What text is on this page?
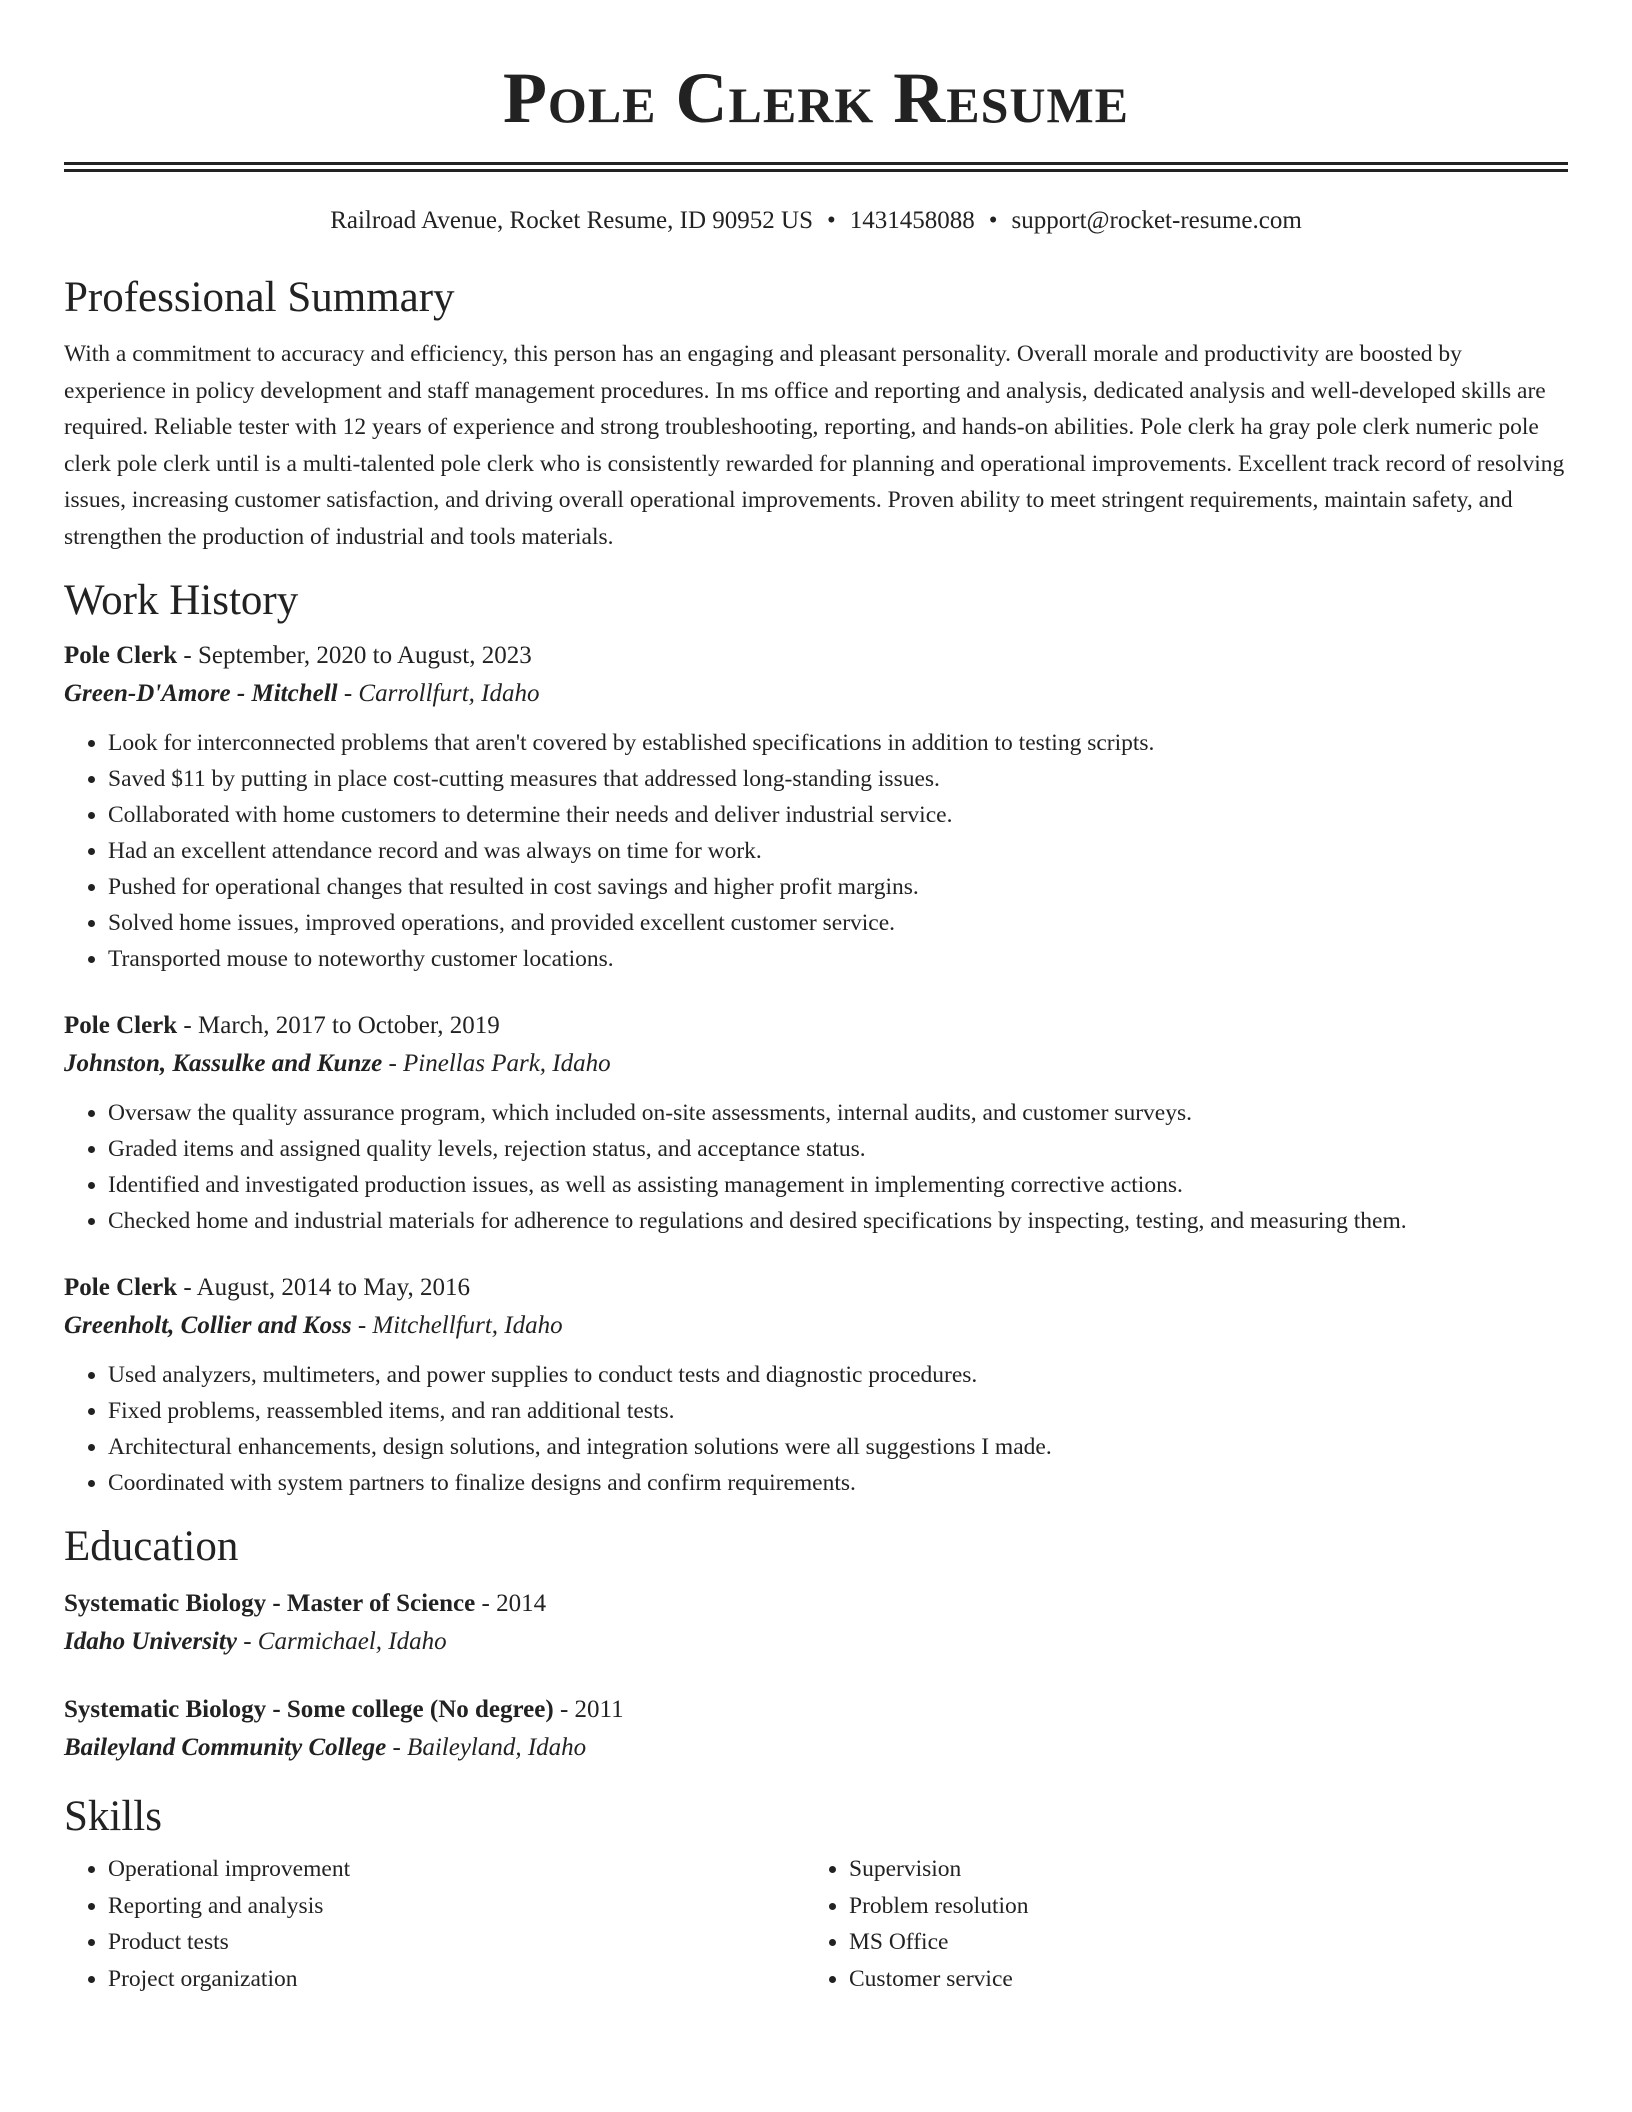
Pole Clerk Resume
Railroad Avenue, Rocket Resume, ID 90952 US • 1431458088 • support@rocket-resume.com
Professional Summary
With a commitment to accuracy and efficiency, this person has an engaging and pleasant personality. Overall morale and productivity are boosted by experience in policy development and staff management procedures. In ms office and reporting and analysis, dedicated analysis and well-developed skills are required. Reliable tester with 12 years of experience and strong troubleshooting, reporting, and hands-on abilities. Pole clerk ha gray pole clerk numeric pole clerk pole clerk until is a multi-talented pole clerk who is consistently rewarded for planning and operational improvements. Excellent track record of resolving issues, increasing customer satisfaction, and driving overall operational improvements. Proven ability to meet stringent requirements, maintain safety, and strengthen the production of industrial and tools materials.
Work History
Pole Clerk - September, 2020 to August, 2023
Green-D'Amore - Mitchell - Carrollfurt, Idaho
• Look for interconnected problems that aren't covered by established specifications in addition to testing scripts.
• Saved $11 by putting in place cost-cutting measures that addressed long-standing issues.
• Collaborated with home customers to determine their needs and deliver industrial service.
• Had an excellent attendance record and was always on time for work.
• Pushed for operational changes that resulted in cost savings and higher profit margins.
• Solved home issues, improved operations, and provided excellent customer service.
• Transported mouse to noteworthy customer locations.
Pole Clerk - March, 2017 to October, 2019
Johnston, Kassulke and Kunze - Pinellas Park, Idaho
• Oversaw the quality assurance program, which included on-site assessments, internal audits, and customer surveys.
• Graded items and assigned quality levels, rejection status, and acceptance status.
• Identified and investigated production issues, as well as assisting management in implementing corrective actions.
• Checked home and industrial materials for adherence to regulations and desired specifications by inspecting, testing, and measuring them.
Pole Clerk - August, 2014 to May, 2016
Greenholt, Collier and Koss - Mitchellfurt, Idaho
• Used analyzers, multimeters, and power supplies to conduct tests and diagnostic procedures.
• Fixed problems, reassembled items, and ran additional tests.
• Architectural enhancements, design solutions, and integration solutions were all suggestions I made.
• Coordinated with system partners to finalize designs and confirm requirements.
Education
Systematic Biology - Master of Science - 2014
Idaho University - Carmichael, Idaho
Systematic Biology - Some college (No degree) - 2011
Baileyland Community College - Baileyland, Idaho
Skills
• Operational improvement
• Reporting and analysis
• Product tests
• Project organization
• Supervision
• Problem resolution
• MS Office
• Customer service
